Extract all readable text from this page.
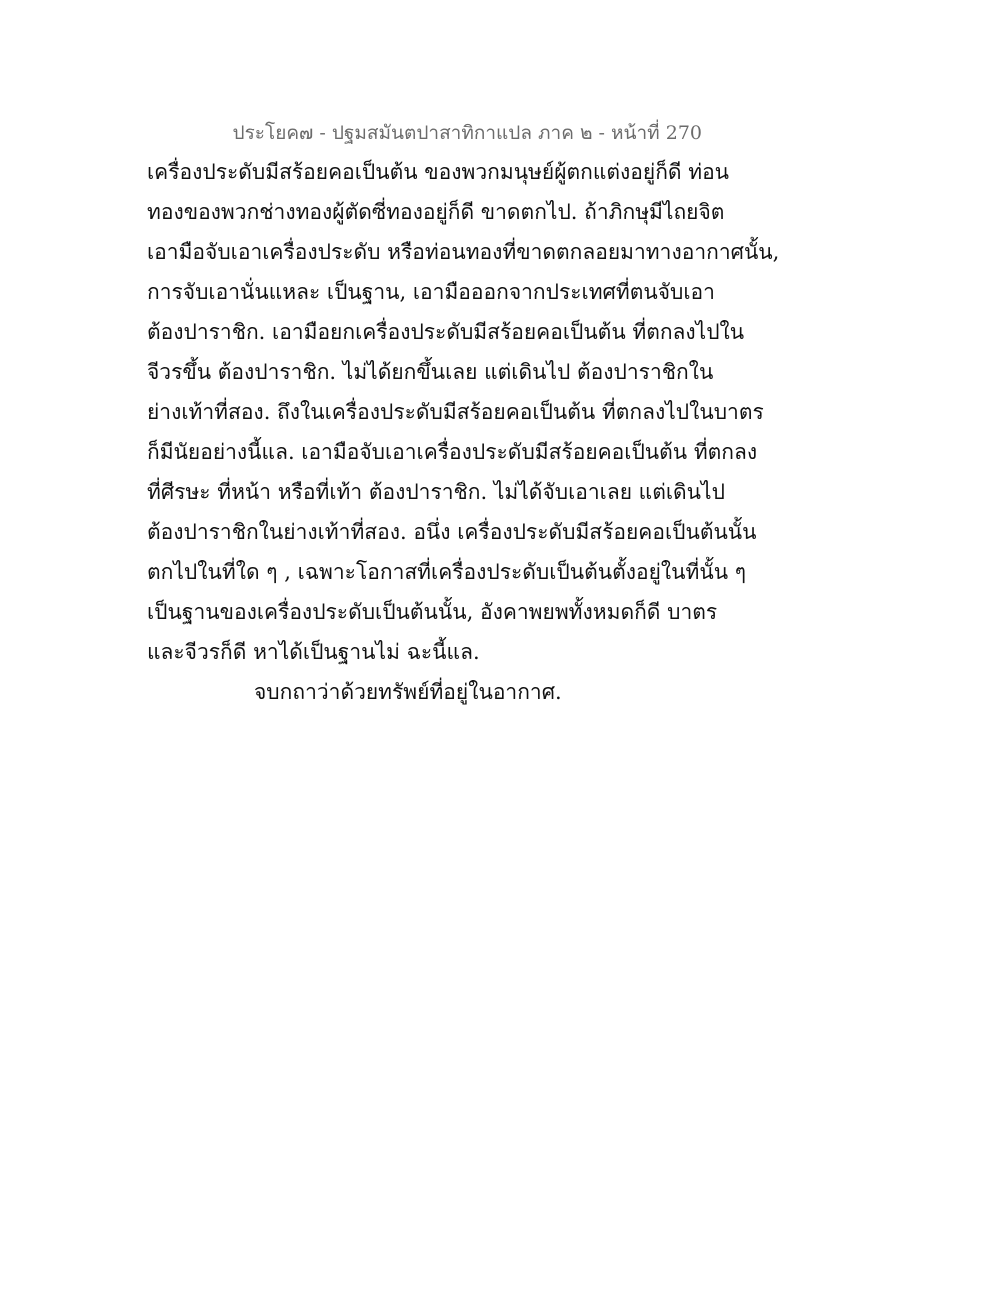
ประโยค๗ - ปฐมสมันตปาสาทิกาแปล ภาค ๒ - หน้าที่ 270
เครื่องประดับมีสร้อยคอเป็นต้น ของพวกมนุษย์ผู้ตกแต่งอยู่ก็ดี ท่อน
ทองของพวกช่างทองผู้ตัดซี่ทองอยู่ก็ดี ขาดตกไป. ถ้าภิกษุมีไถยจิต
เอามือจับเอาเครื่องประดับ หรือท่อนทองที่ขาดตกลอยมาทางอากาศนั้น,
การจับเอานั่นแหละ เป็นฐาน, เอามือออกจากประเทศที่ตนจับเอา
ต้องปาราชิก. เอามือยกเครื่องประดับมีสร้อยคอเป็นต้น ที่ตกลงไปใน
จีวรขึ้น ต้องปาราชิก. ไม่ได้ยกขึ้นเลย แต่เดินไป ต้องปาราชิกใน
ย่างเท้าที่สอง. ถึงในเครื่องประดับมีสร้อยคอเป็นต้น ที่ตกลงไปในบาตร
ก็มีนัยอย่างนี้แล. เอามือจับเอาเครื่องประดับมีสร้อยคอเป็นต้น ที่ตกลง
ที่ศีรษะ ที่หน้า หรือที่เท้า ต้องปาราชิก. ไม่ได้จับเอาเลย แต่เดินไป
ต้องปาราชิกในย่างเท้าที่สอง. อนึ่ง เครื่องประดับมีสร้อยคอเป็นต้นนั้น
ตกไปในที่ใด ๆ , เฉพาะโอกาสที่เครื่องประดับเป็นต้นตั้งอยู่ในที่นั้น ๆ
เป็นฐานของเครื่องประดับเป็นต้นนั้น, อังคาพยพทั้งหมดก็ดี บาตร
และจีวรก็ดี หาได้เป็นฐานไม่ ฉะนี้แล.
จบกถาว่าด้วยทรัพย์ที่อยู่ในอากาศ.
